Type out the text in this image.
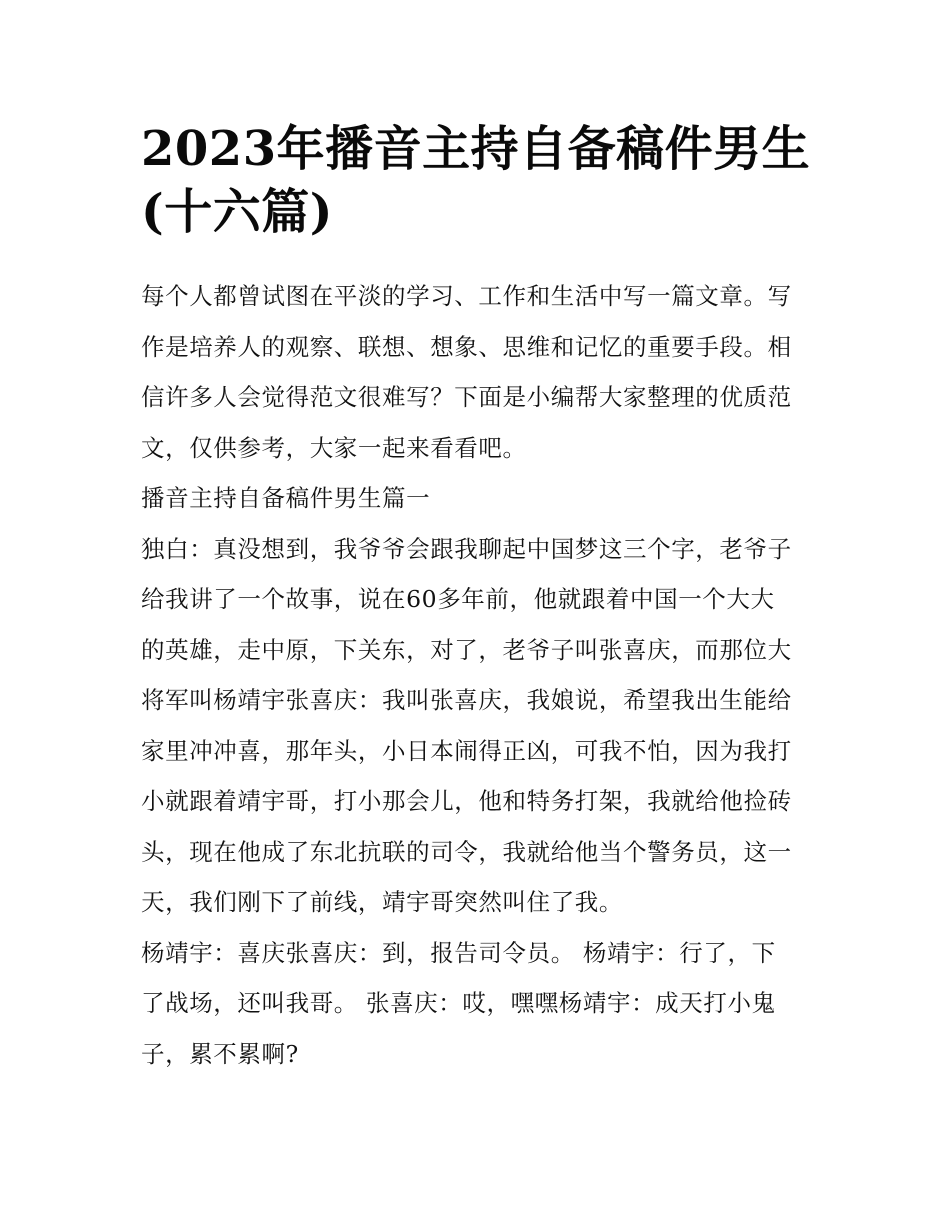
2023年播音主持自备稿件男生
(十六篇)

每个人都曾试图在平淡的学习、工作和生活中写一篇文章。写
作是培养人的观察、联想、想象、思维和记忆的重要手段。相
信许多人会觉得范文很难写？下面是小编帮大家整理的优质范
文，仅供参考，大家一起来看看吧。

播音主持自备稿件男生篇一

独白：真没想到，我爷爷会跟我聊起中国梦这三个字，老爷子
给我讲了一个故事，说在60多年前，他就跟着中国一个大大
的英雄，走中原，下关东，对了，老爷子叫张喜庆，而那位大
将军叫杨靖宇张喜庆：我叫张喜庆，我娘说，希望我出生能给
家里冲冲喜，那年头，小日本闹得正凶，可我不怕，因为我打
小就跟着靖宇哥，打小那会儿，他和特务打架，我就给他捡砖
头，现在他成了东北抗联的司令，我就给他当个警务员，这一
天，我们刚下了前线，靖宇哥突然叫住了我。

杨靖宇：喜庆张喜庆：到，报告司令员。 杨靖宇：行了，下
了战场，还叫我哥。 张喜庆：哎，嘿嘿杨靖宇：成天打小鬼
子，累不累啊?
